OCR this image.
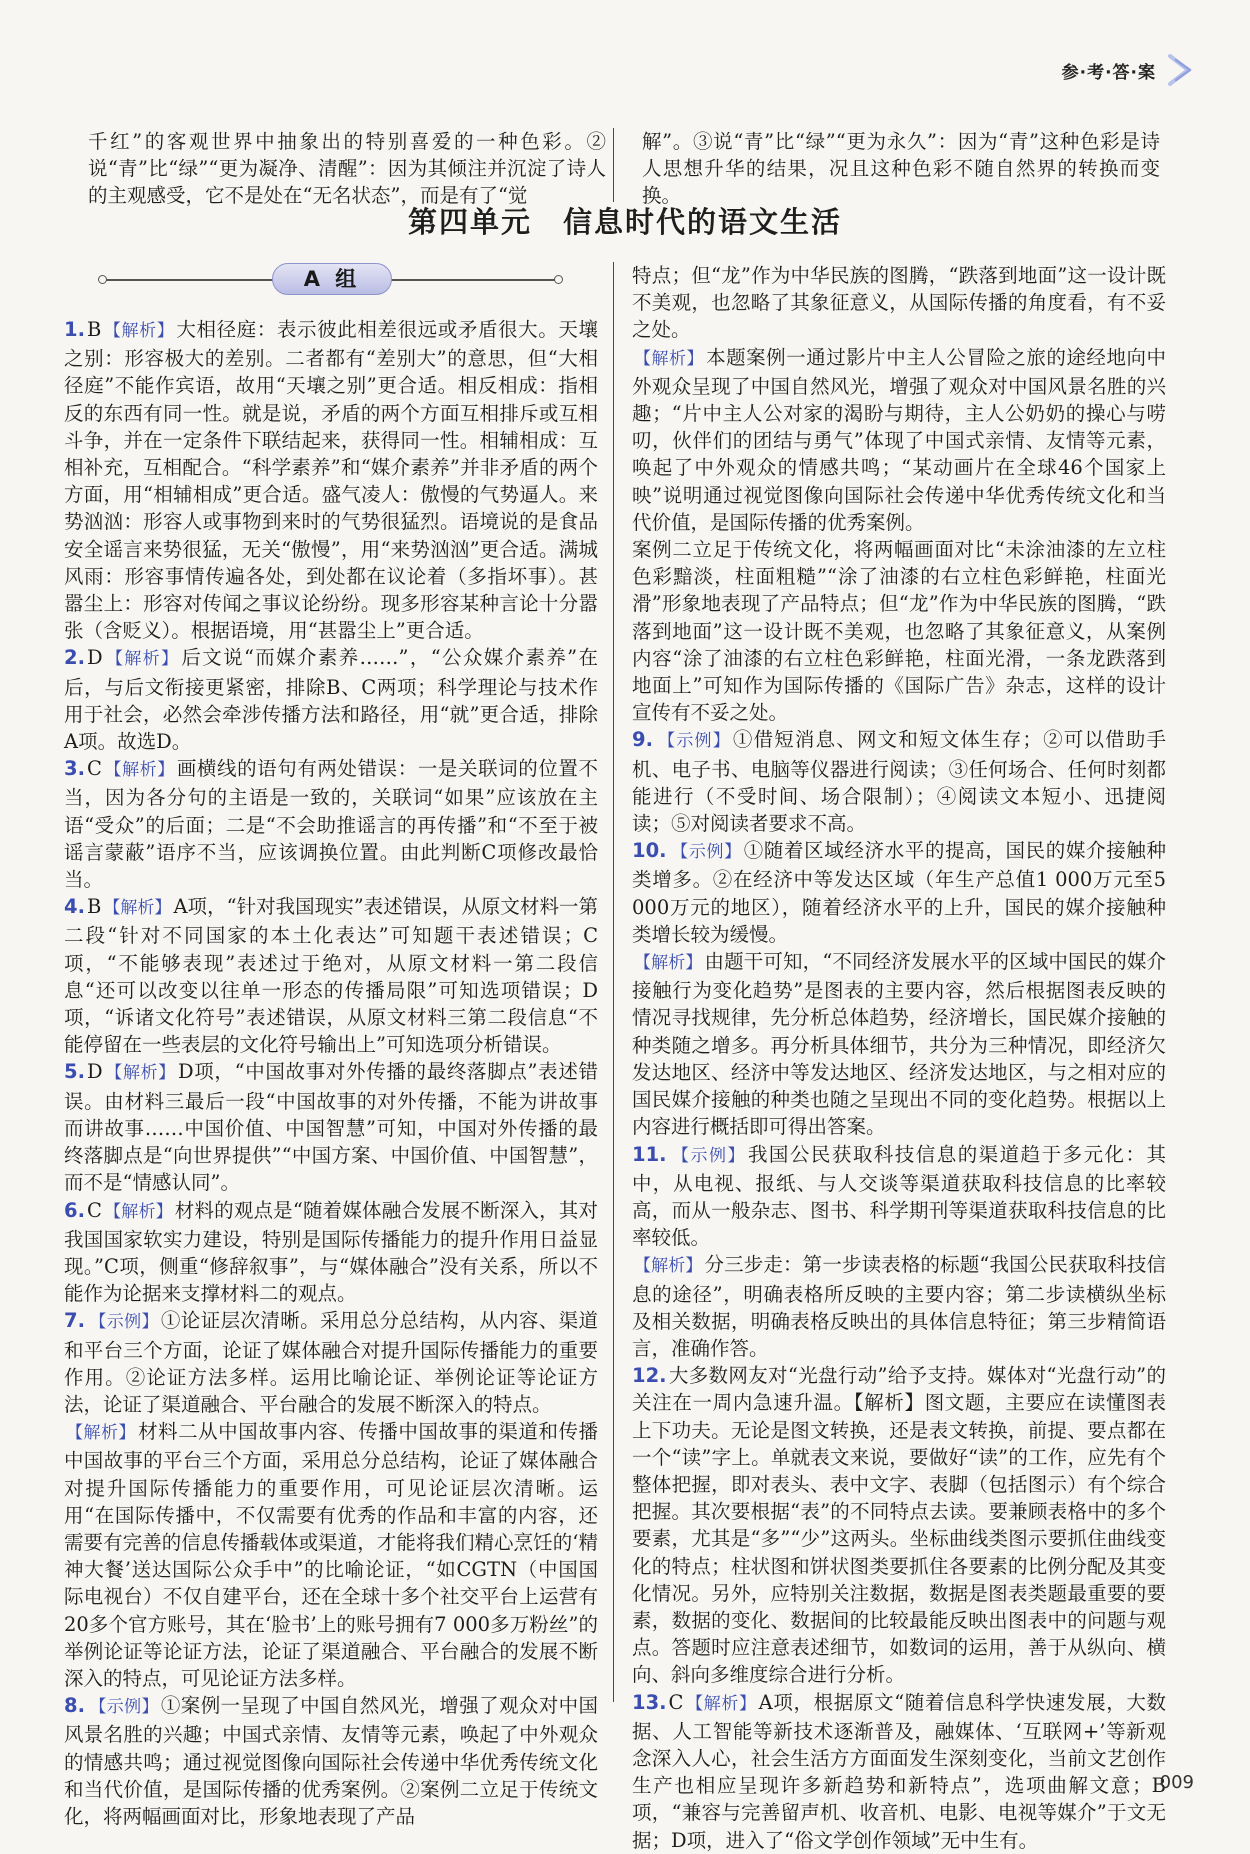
参·考·答·案
千红”的客观世界中抽象出的特别喜爱的一种色彩。②说“青”比“绿”“更为凝净、清醒”：因为其倾注并沉淀了诗人的主观感受，它不是处在“无名状态”，而是有了“觉
解”。③说“青”比“绿”“更为永久”：因为“青”这种色彩是诗人思想升华的结果，况且这种色彩不随自然界的转换而变换。
第四单元　信息时代的语文生活
A 组
1. B 【解析】 大相径庭：表示彼此相差很远或矛盾很大。天壤之别：形容极大的差别。二者都有“差别大”的意思，但“大相径庭”不能作宾语，故用“天壤之别”更合适。相反相成：指相反的东西有同一性。就是说，矛盾的两个方面互相排斥或互相斗争，并在一定条件下联结起来，获得同一性。相辅相成：互相补充，互相配合。“科学素养”和“媒介素养”并非矛盾的两个方面，用“相辅相成”更合适。盛气凌人：傲慢的气势逼人。来势汹汹：形容人或事物到来时的气势很猛烈。语境说的是食品安全谣言来势很猛，无关“傲慢”，用“来势汹汹”更合适。满城风雨：形容事情传遍各处，到处都在议论着（多指坏事）。甚嚣尘上：形容对传闻之事议论纷纷。现多形容某种言论十分嚣张（含贬义）。根据语境，用“甚嚣尘上”更合适。
2. D 【解析】 后文说“而媒介素养……”，“公众媒介素养”在后，与后文衔接更紧密，排除B、C两项；科学理论与技术作用于社会，必然会牵涉传播方法和路径，用“就”更合适，排除A项。故选D。
3. C 【解析】 画横线的语句有两处错误：一是关联词的位置不当，因为各分句的主语是一致的，关联词“如果”应该放在主语“受众”的后面；二是“不会助推谣言的再传播”和“不至于被谣言蒙蔽”语序不当，应该调换位置。由此判断C项修改最恰当。
4. B 【解析】 A项，“针对我国现实”表述错误，从原文材料一第二段“针对不同国家的本土化表达”可知题干表述错误；C项，“不能够表现”表述过于绝对，从原文材料一第二段信息“还可以改变以往单一形态的传播局限”可知选项错误；D项，“诉诸文化符号”表述错误，从原文材料三第二段信息“不能停留在一些表层的文化符号输出上”可知选项分析错误。
5. D 【解析】 D项，“中国故事对外传播的最终落脚点”表述错误。由材料三最后一段“中国故事的对外传播，不能为讲故事而讲故事……中国价值、中国智慧”可知，中国对外传播的最终落脚点是“向世界提供”“中国方案、中国价值、中国智慧”，而不是“情感认同”。
6. C 【解析】 材料的观点是“随着媒体融合发展不断深入，其对我国国家软实力建设，特别是国际传播能力的提升作用日益显现。”C项，侧重“修辞叙事”，与“媒体融合”没有关系，所以不能作为论据来支撑材料二的观点。
7. 【示例】 ①论证层次清晰。采用总分总结构，从内容、渠道和平台三个方面，论证了媒体融合对提升国际传播能力的重要作用。②论证方法多样。运用比喻论证、举例论证等论证方法，论证了渠道融合、平台融合的发展不断深入的特点。
【解析】 材料二从中国故事内容、传播中国故事的渠道和传播中国故事的平台三个方面，采用总分总结构，论证了媒体融合对提升国际传播能力的重要作用，可见论证层次清晰。运用“在国际传播中，不仅需要有优秀的作品和丰富的内容，还需要有完善的信息传播载体或渠道，才能将我们精心烹饪的‘精神大餐’送达国际公众手中”的比喻论证，“如CGTN（中国国际电视台）不仅自建平台，还在全球十多个社交平台上运营有20多个官方账号，其在‘脸书’上的账号拥有7 000多万粉丝”的举例论证等论证方法，论证了渠道融合、平台融合的发展不断深入的特点，可见论证方法多样。
8. 【示例】 ①案例一呈现了中国自然风光，增强了观众对中国风景名胜的兴趣；中国式亲情、友情等元素，唤起了中外观众的情感共鸣；通过视觉图像向国际社会传递中华优秀传统文化和当代价值，是国际传播的优秀案例。②案例二立足于传统文化，将两幅画面对比，形象地表现了产品
特点；但“龙”作为中华民族的图腾，“跌落到地面”这一设计既不美观，也忽略了其象征意义，从国际传播的角度看，有不妥之处。
【解析】 本题案例一通过影片中主人公冒险之旅的途经地向中外观众呈现了中国自然风光，增强了观众对中国风景名胜的兴趣；“片中主人公对家的渴盼与期待，主人公奶奶的操心与唠叨，伙伴们的团结与勇气”体现了中国式亲情、友情等元素，唤起了中外观众的情感共鸣；“某动画片在全球46个国家上映”说明通过视觉图像向国际社会传递中华优秀传统文化和当代价值，是国际传播的优秀案例。
案例二立足于传统文化，将两幅画面对比“未涂油漆的左立柱色彩黯淡，柱面粗糙”“涂了油漆的右立柱色彩鲜艳，柱面光滑”形象地表现了产品特点；但“龙”作为中华民族的图腾，“跌落到地面”这一设计既不美观，也忽略了其象征意义，从案例内容“涂了油漆的右立柱色彩鲜艳，柱面光滑，一条龙跌落到地面上”可知作为国际传播的《国际广告》杂志，这样的设计宣传有不妥之处。
9. 【示例】 ①借短消息、网文和短文体生存；②可以借助手机、电子书、电脑等仪器进行阅读；③任何场合、任何时刻都能进行（不受时间、场合限制）；④阅读文本短小、迅捷阅读；⑤对阅读者要求不高。
10. 【示例】 ①随着区域经济水平的提高，国民的媒介接触种类增多。②在经济中等发达区域（年生产总值1 000万元至5 000万元的地区），随着经济水平的上升，国民的媒介接触种类增长较为缓慢。
【解析】 由题干可知，“不同经济发展水平的区域中国民的媒介接触行为变化趋势”是图表的主要内容，然后根据图表反映的情况寻找规律，先分析总体趋势，经济增长，国民媒介接触的种类随之增多。再分析具体细节，共分为三种情况，即经济欠发达地区、经济中等发达地区、经济发达地区，与之相对应的国民媒介接触的种类也随之呈现出不同的变化趋势。根据以上内容进行概括即可得出答案。
11. 【示例】 我国公民获取科技信息的渠道趋于多元化：其中，从电视、报纸、与人交谈等渠道获取科技信息的比率较高，而从一般杂志、图书、科学期刊等渠道获取科技信息的比率较低。
【解析】 分三步走：第一步读表格的标题“我国公民获取科技信息的途径”，明确表格所反映的主要内容；第二步读横纵坐标及相关数据，明确表格反映出的具体信息特征；第三步精简语言，准确作答。
12. 大多数网友对“光盘行动”给予支持。媒体对“光盘行动”的关注在一周内急速升温。【解析】图文题，主要应在读懂图表上下功夫。无论是图文转换，还是表文转换，前提、要点都在一个“读”字上。单就表文来说，要做好“读”的工作，应先有个整体把握，即对表头、表中文字、表脚（包括图示）有个综合把握。其次要根据“表”的不同特点去读。要兼顾表格中的多个要素，尤其是“多”“少”这两头。坐标曲线类图示要抓住曲线变化的特点；柱状图和饼状图类要抓住各要素的比例分配及其变化情况。另外，应特别关注数据，数据是图表类题最重要的要素，数据的变化、数据间的比较最能反映出图表中的问题与观点。答题时应注意表述细节，如数词的运用，善于从纵向、横向、斜向多维度综合进行分析。
13. C 【解析】 A项，根据原文“随着信息科学快速发展，大数据、人工智能等新技术逐渐普及，融媒体、‘互联网+’等新观念深入人心，社会生活方方面面发生深刻变化，当前文艺创作生产也相应呈现许多新趋势和新特点”，选项曲解文意；B项，“兼容与完善留声机、收音机、电影、电视等媒介”于文无据；D项，进入了“俗文学创作领域”无中生有。
009
